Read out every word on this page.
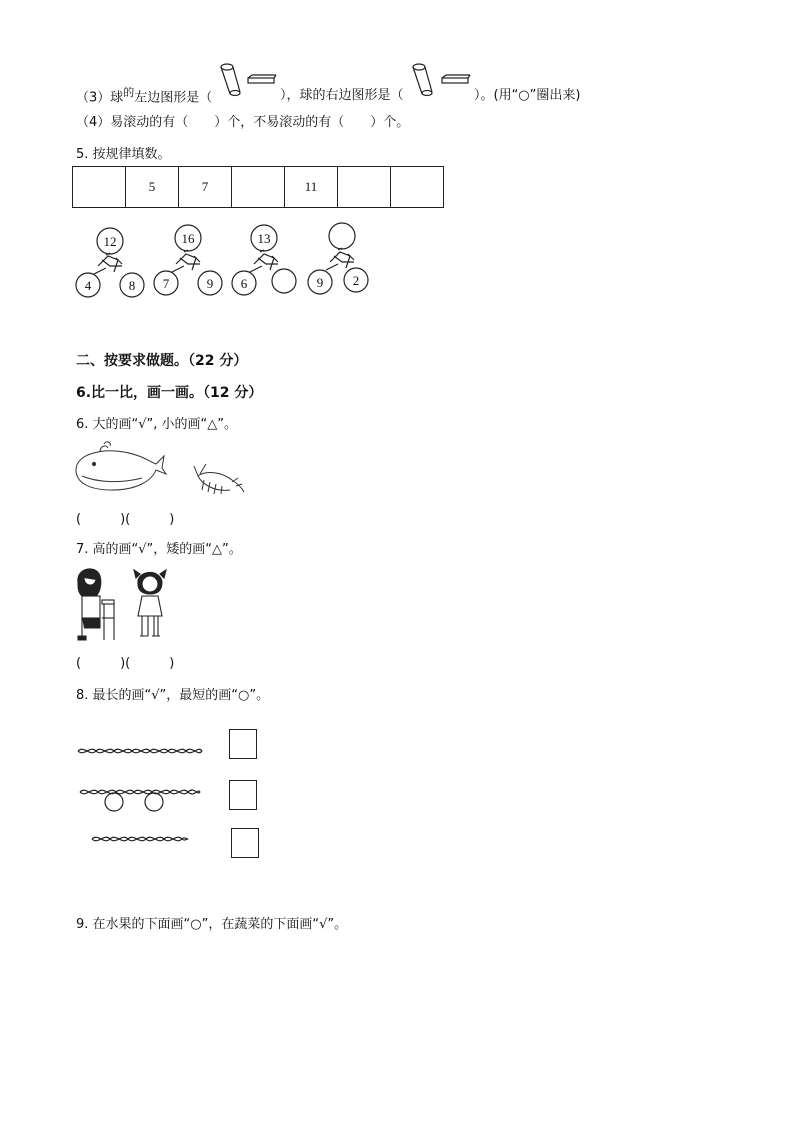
（3）球$^的$左边图形是（	），球的右边图形是（	）。(用“○”圈出来)
（4）易滚动的有（　　）个，不易滚动的有（　　）个。
5. 按规律填数。
	5	7		11		
12
4	8
16
7	9
13
6	9	2
二、按要求做题。（22 分）
6.比一比，画一画。（12 分）
6. 大的画“√”, 小的画“△”。
(　　　)(　　　)
7. 高的画“√”，矮的画“△”。
(　　　)(　　　)
8. 最长的画“√”，最短的画“○”。
9. 在水果的下面画“○”，在蔬菜的下面画“√”。
